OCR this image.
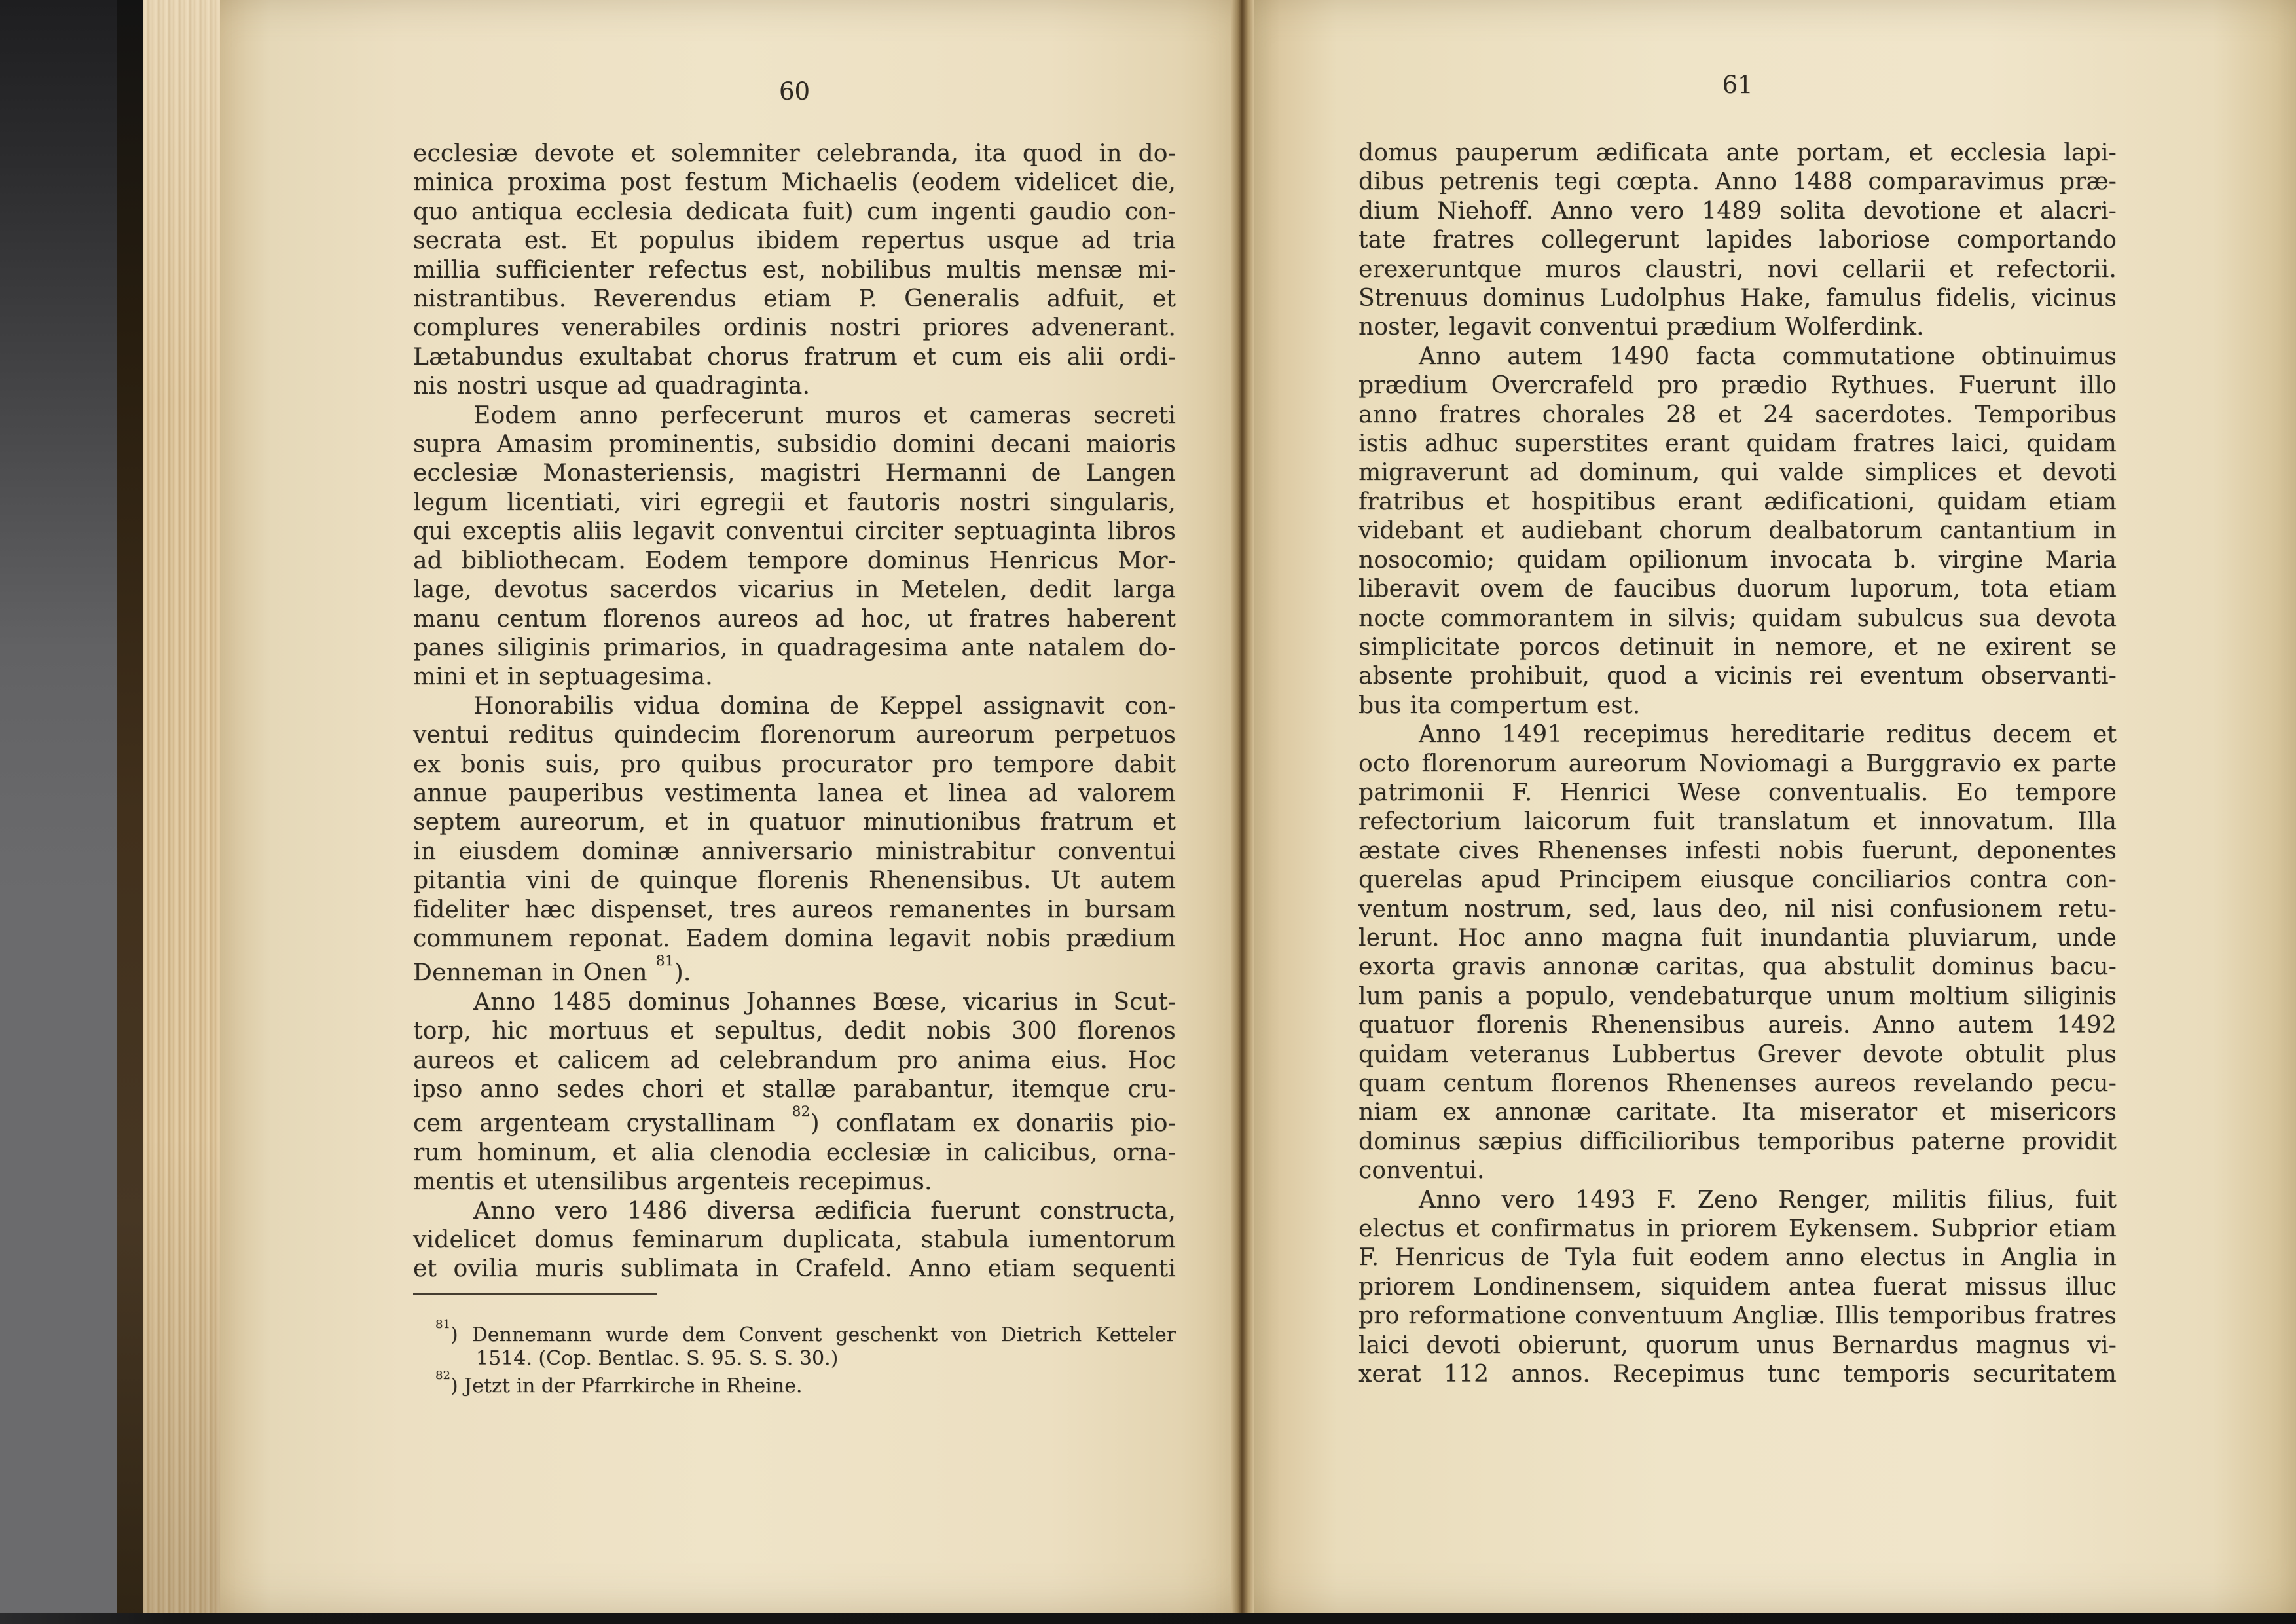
60
ecclesiæ devote et solemniter celebranda, ita quod in do-
minica proxima post festum Michaelis (eodem videlicet die,
quo antiqua ecclesia dedicata fuit) cum ingenti gaudio con-
secrata est. Et populus ibidem repertus usque ad tria
millia sufficienter refectus est, nobilibus multis mensæ mi-
nistrantibus. Reverendus etiam P. Generalis adfuit, et
complures venerabiles ordinis nostri priores advenerant.
Lætabundus exultabat chorus fratrum et cum eis alii ordi-
nis nostri usque ad quadraginta.
Eodem anno perfecerunt muros et cameras secreti
supra Amasim prominentis, subsidio domini decani maioris
ecclesiæ Monasteriensis, magistri Hermanni de Langen
legum licentiati, viri egregii et fautoris nostri singularis,
qui exceptis aliis legavit conventui circiter septuaginta libros
ad bibliothecam. Eodem tempore dominus Henricus Mor-
lage, devotus sacerdos vicarius in Metelen, dedit larga
manu centum florenos aureos ad hoc, ut fratres haberent
panes siliginis primarios, in quadragesima ante natalem do-
mini et in septuagesima.
Honorabilis vidua domina de Keppel assignavit con-
ventui reditus quindecim florenorum aureorum perpetuos
ex bonis suis, pro quibus procurator pro tempore dabit
annue pauperibus vestimenta lanea et linea ad valorem
septem aureorum, et in quatuor minutionibus fratrum et
in eiusdem dominæ anniversario ministrabitur conventui
pitantia vini de quinque florenis Rhenensibus. Ut autem
fideliter hæc dispenset, tres aureos remanentes in bursam
communem reponat. Eadem domina legavit nobis prædium
Denneman in Onen $^{81}$).
Anno 1485 dominus Johannes Bœse, vicarius in Scut-
torp, hic mortuus et sepultus, dedit nobis 300 florenos
aureos et calicem ad celebrandum pro anima eius. Hoc
ipso anno sedes chori et stallæ parabantur, itemque cru-
cem argenteam crystallinam $^{82}$) conflatam ex donariis pio-
rum hominum, et alia clenodia ecclesiæ in calicibus, orna-
mentis et utensilibus argenteis recepimus.
Anno vero 1486 diversa ædificia fuerunt constructa,
videlicet domus feminarum duplicata, stabula iumentorum
et ovilia muris sublimata in Crafeld. Anno etiam sequenti
$^{81}$) Dennemann wurde dem Convent geschenkt von Dietrich Ketteler
1514. (Cop. Bentlac. S. 95. S. S. 30.)
$^{82}$) Jetzt in der Pfarrkirche in Rheine.
61
domus pauperum ædificata ante portam, et ecclesia lapi-
dibus petrenis tegi cœpta. Anno 1488 comparavimus præ-
dium Niehoff. Anno vero 1489 solita devotione et alacri-
tate fratres collegerunt lapides laboriose comportando
erexeruntque muros claustri, novi cellarii et refectorii.
Strenuus dominus Ludolphus Hake, famulus fidelis, vicinus
noster, legavit conventui prædium Wolferdink.
Anno autem 1490 facta commutatione obtinuimus
prædium Overcrafeld pro prædio Rythues. Fuerunt illo
anno fratres chorales 28 et 24 sacerdotes. Temporibus
istis adhuc superstites erant quidam fratres laici, quidam
migraverunt ad dominum, qui valde simplices et devoti
fratribus et hospitibus erant ædificationi, quidam etiam
videbant et audiebant chorum dealbatorum cantantium in
nosocomio; quidam opilionum invocata b. virgine Maria
liberavit ovem de faucibus duorum luporum, tota etiam
nocte commorantem in silvis; quidam subulcus sua devota
simplicitate porcos detinuit in nemore, et ne exirent se
absente prohibuit, quod a vicinis rei eventum observanti-
bus ita compertum est.
Anno 1491 recepimus hereditarie reditus decem et
octo florenorum aureorum Noviomagi a Burggravio ex parte
patrimonii F. Henrici Wese conventualis. Eo tempore
refectorium laicorum fuit translatum et innovatum. Illa
æstate cives Rhenenses infesti nobis fuerunt, deponentes
querelas apud Principem eiusque conciliarios contra con-
ventum nostrum, sed, laus deo, nil nisi confusionem retu-
lerunt. Hoc anno magna fuit inundantia pluviarum, unde
exorta gravis annonæ caritas, qua abstulit dominus bacu-
lum panis a populo, vendebaturque unum moltium siliginis
quatuor florenis Rhenensibus aureis. Anno autem 1492
quidam veteranus Lubbertus Grever devote obtulit plus
quam centum florenos Rhenenses aureos revelando pecu-
niam ex annonæ caritate. Ita miserator et misericors
dominus sæpius difficilioribus temporibus paterne providit
conventui.
Anno vero 1493 F. Zeno Renger, militis filius, fuit
electus et confirmatus in priorem Eykensem. Subprior etiam
F. Henricus de Tyla fuit eodem anno electus in Anglia in
priorem Londinensem, siquidem antea fuerat missus illuc
pro reformatione conventuum Angliæ. Illis temporibus fratres
laici devoti obierunt, quorum unus Bernardus magnus vi-
xerat 112 annos. Recepimus tunc temporis securitatem
